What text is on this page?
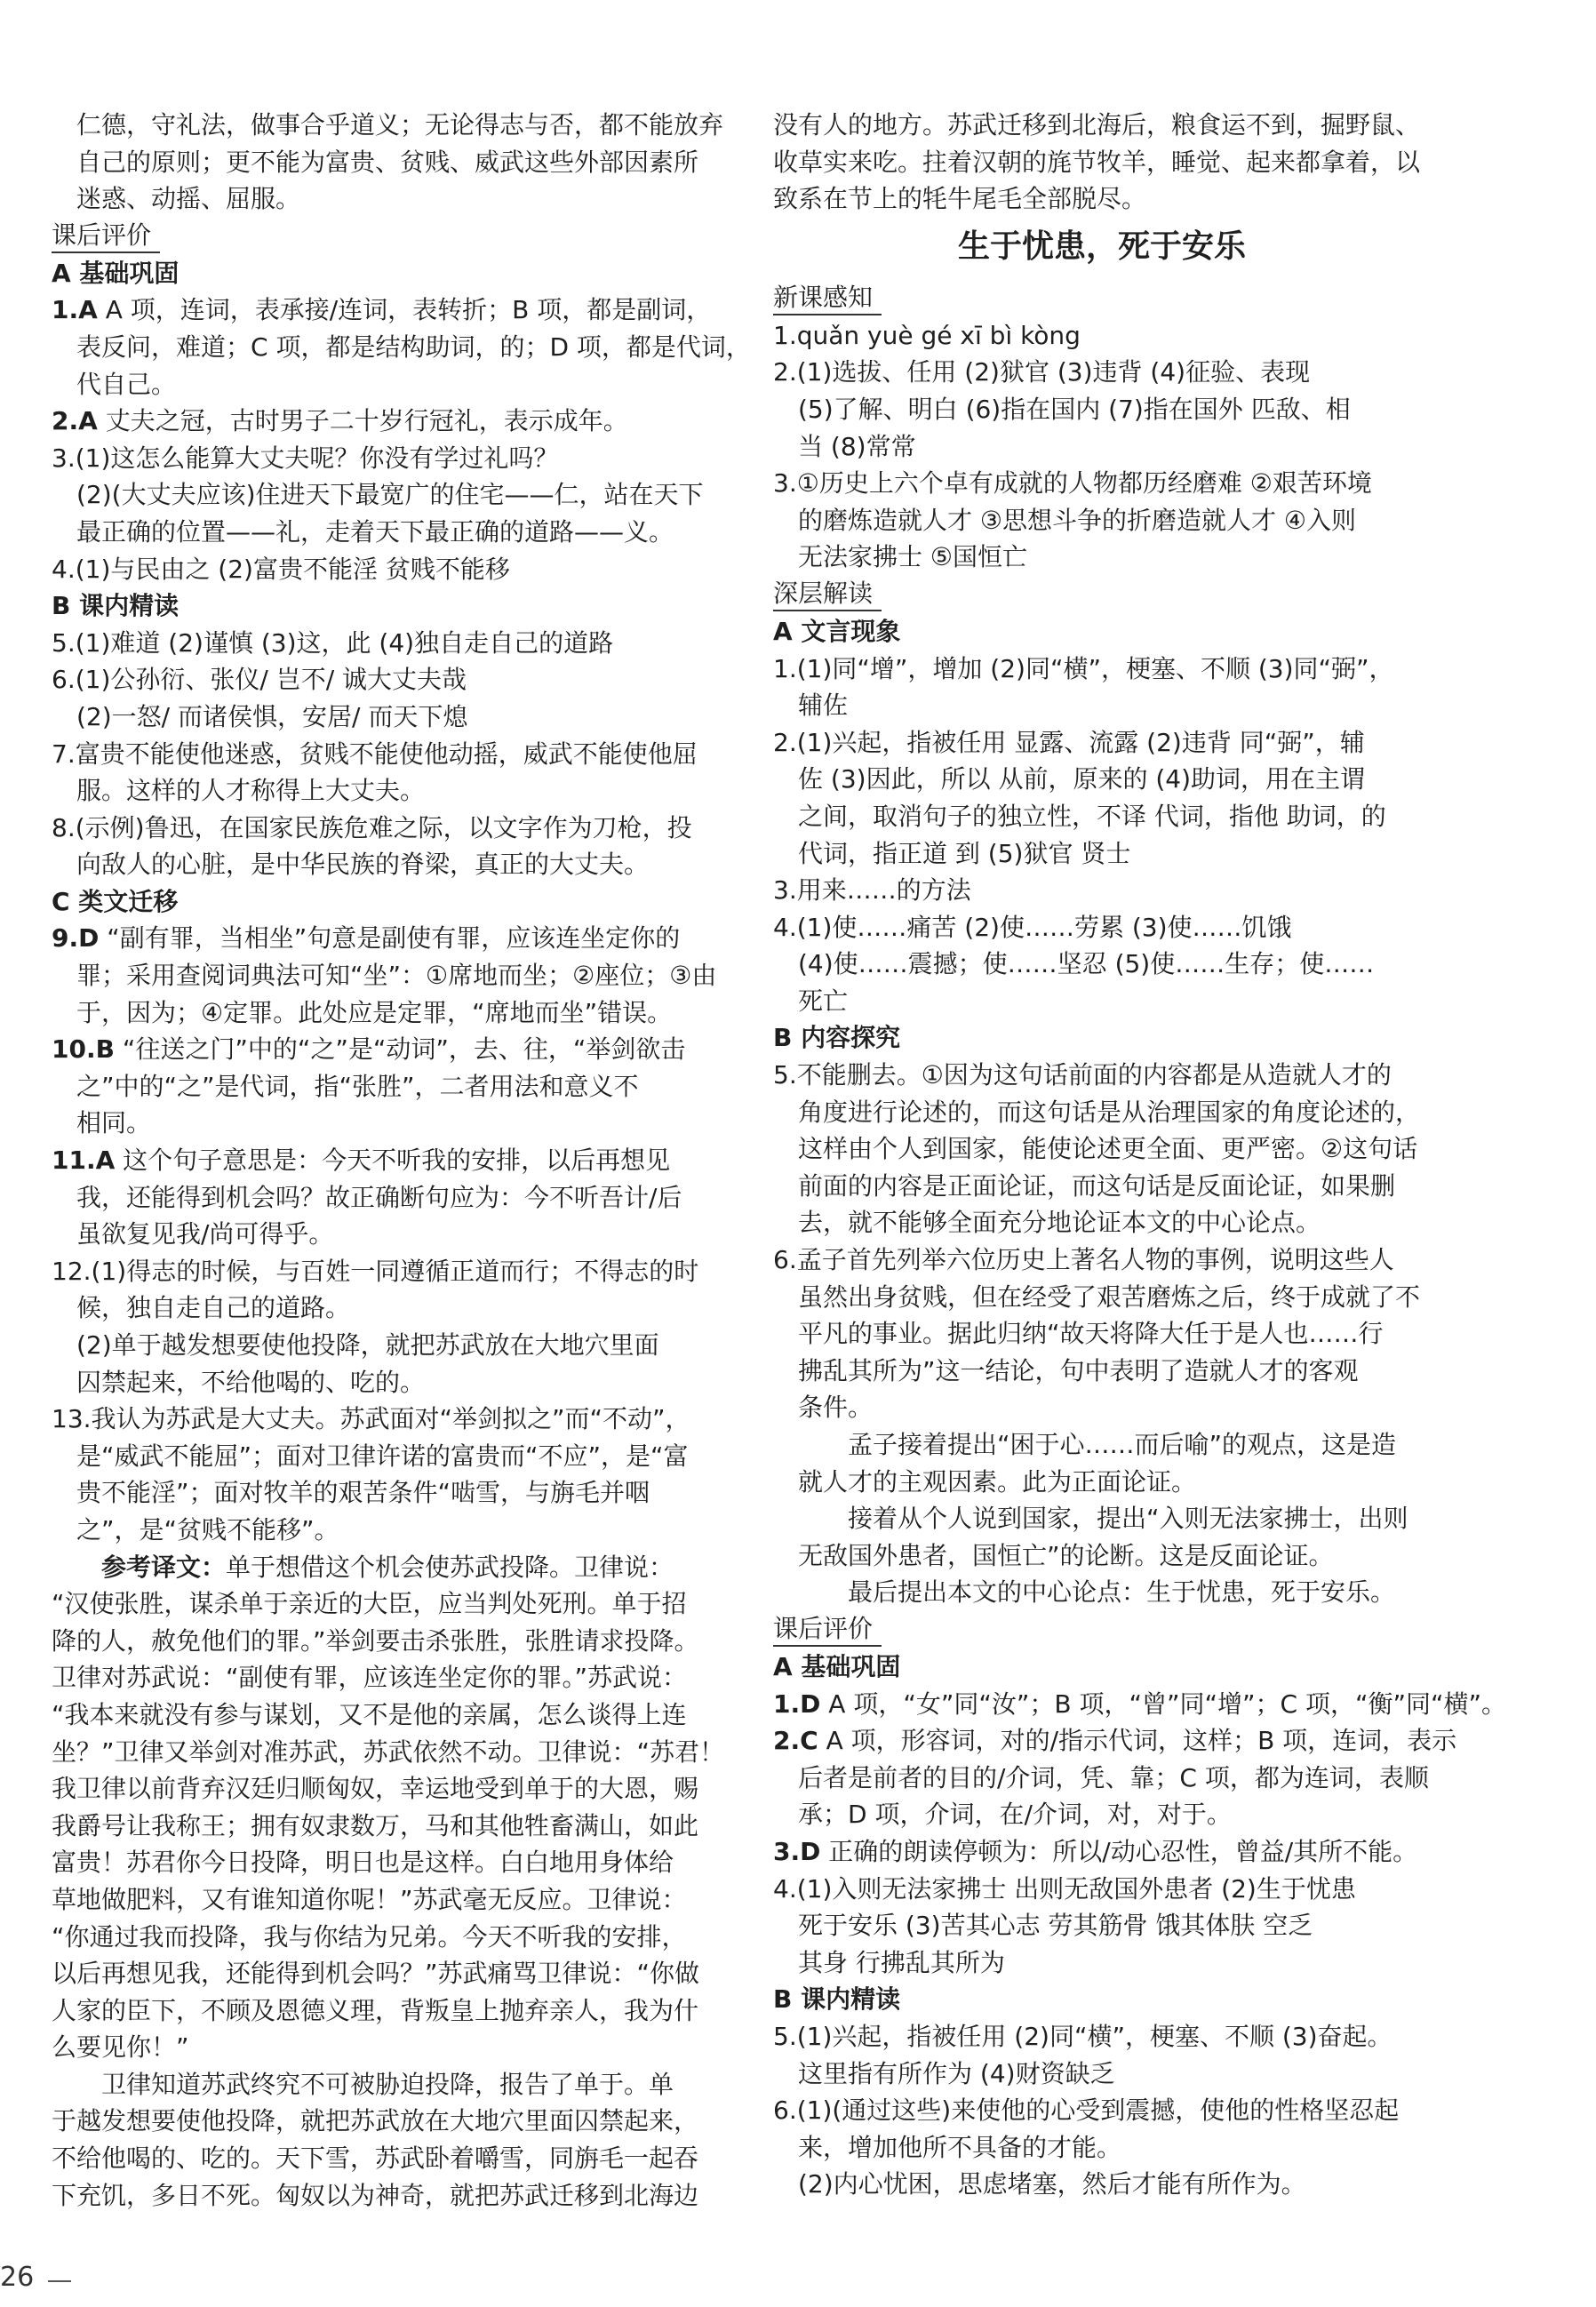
仁德，守礼法，做事合乎道义；无论得志与否，都不能放弃

自己的原则；更不能为富贵、贫贱、威武这些外部因素所

迷惑、动摇、屈服。

课后评价

A 基础巩固

1.A A 项，连词，表承接/连词，表转折；B 项，都是副词，

表反问，难道；C 项，都是结构助词，的；D 项，都是代词，

代自己。

2.A 丈夫之冠，古时男子二十岁行冠礼，表示成年。

3.(1)这怎么能算大丈夫呢？你没有学过礼吗？

(2)(大丈夫应该)住进天下最宽广的住宅——仁，站在天下

最正确的位置——礼，走着天下最正确的道路——义。

4.(1)与民由之 (2)富贵不能淫 贫贱不能移

B 课内精读

5.(1)难道 (2)谨慎 (3)这，此 (4)独自走自己的道路

6.(1)公孙衍、张仪/ 岂不/ 诚大丈夫哉

(2)一怒/ 而诸侯惧，安居/ 而天下熄

7.富贵不能使他迷惑，贫贱不能使他动摇，威武不能使他屈

服。这样的人才称得上大丈夫。

8.(示例)鲁迅，在国家民族危难之际，以文字作为刀枪，投

向敌人的心脏，是中华民族的脊梁，真正的大丈夫。

C 类文迁移

9.D “副有罪，当相坐”句意是副使有罪，应该连坐定你的

罪；采用查阅词典法可知“坐”：①席地而坐；②座位；③由

于，因为；④定罪。此处应是定罪，“席地而坐”错误。

10.B “往送之门”中的“之”是“动词”，去、往，“举剑欲击

之”中的“之”是代词，指“张胜”，二者用法和意义不

相同。

11.A 这个句子意思是：今天不听我的安排，以后再想见

我，还能得到机会吗？故正确断句应为：今不听吾计/后

虽欲复见我/尚可得乎。

12.(1)得志的时候，与百姓一同遵循正道而行；不得志的时

候，独自走自己的道路。

(2)单于越发想要使他投降，就把苏武放在大地穴里面

囚禁起来，不给他喝的、吃的。

13.我认为苏武是大丈夫。苏武面对“举剑拟之”而“不动”，

是“威武不能屈”；面对卫律许诺的富贵而“不应”，是“富

贵不能淫”；面对牧羊的艰苦条件“啮雪，与旃毛并咽

之”，是“贫贱不能移”。

参考译文：单于想借这个机会使苏武投降。卫律说：

“汉使张胜，谋杀单于亲近的大臣，应当判处死刑。单于招

降的人，赦免他们的罪。”举剑要击杀张胜，张胜请求投降。

卫律对苏武说：“副使有罪，应该连坐定你的罪。”苏武说：

“我本来就没有参与谋划，又不是他的亲属，怎么谈得上连

坐？”卫律又举剑对准苏武，苏武依然不动。卫律说：“苏君！

我卫律以前背弃汉廷归顺匈奴，幸运地受到单于的大恩，赐

我爵号让我称王；拥有奴隶数万，马和其他牲畜满山，如此

富贵！苏君你今日投降，明日也是这样。白白地用身体给

草地做肥料，又有谁知道你呢！”苏武毫无反应。卫律说：

“你通过我而投降，我与你结为兄弟。今天不听我的安排，

以后再想见我，还能得到机会吗？”苏武痛骂卫律说：“你做

人家的臣下，不顾及恩德义理，背叛皇上抛弃亲人，我为什

么要见你！”

卫律知道苏武终究不可被胁迫投降，报告了单于。单

于越发想要使他投降，就把苏武放在大地穴里面囚禁起来，

不给他喝的、吃的。天下雪，苏武卧着嚼雪，同旃毛一起吞

下充饥，多日不死。匈奴以为神奇，就把苏武迁移到北海边

没有人的地方。苏武迁移到北海后，粮食运不到，掘野鼠、

收草实来吃。拄着汉朝的旄节牧羊，睡觉、起来都拿着，以

致系在节上的牦牛尾毛全部脱尽。

生于忧患，死于安乐
新课感知

1.quǎn yuè gé xī bì kòng

2.(1)选拔、任用 (2)狱官 (3)违背 (4)征验、表现

(5)了解、明白 (6)指在国内 (7)指在国外 匹敌、相

当 (8)常常

3.①历史上六个卓有成就的人物都历经磨难 ②艰苦环境

的磨炼造就人才 ③思想斗争的折磨造就人才 ④入则

无法家拂士 ⑤国恒亡

深层解读

A 文言现象

1.(1)同“增”，增加 (2)同“横”，梗塞、不顺 (3)同“弼”，

辅佐

2.(1)兴起，指被任用 显露、流露 (2)违背 同“弼”，辅

佐 (3)因此，所以 从前，原来的 (4)助词，用在主谓

之间，取消句子的独立性，不译 代词，指他 助词，的

代词，指正道 到 (5)狱官 贤士

3.用来……的方法

4.(1)使……痛苦 (2)使……劳累 (3)使……饥饿

(4)使……震撼；使……坚忍 (5)使……生存；使……

死亡

B 内容探究

5.不能删去。①因为这句话前面的内容都是从造就人才的

角度进行论述的，而这句话是从治理国家的角度论述的，

这样由个人到国家，能使论述更全面、更严密。②这句话

前面的内容是正面论证，而这句话是反面论证，如果删

去，就不能够全面充分地论证本文的中心论点。

6.孟子首先列举六位历史上著名人物的事例，说明这些人

虽然出身贫贱，但在经受了艰苦磨炼之后，终于成就了不

平凡的事业。据此归纳“故天将降大任于是人也……行

拂乱其所为”这一结论，句中表明了造就人才的客观

条件。

孟子接着提出“困于心……而后喻”的观点，这是造

就人才的主观因素。此为正面论证。

接着从个人说到国家，提出“入则无法家拂士，出则

无敌国外患者，国恒亡”的论断。这是反面论证。

最后提出本文的中心论点：生于忧患，死于安乐。

课后评价

A 基础巩固

1.D A 项，“女”同“汝”；B 项，“曾”同“增”；C 项，“衡”同“横”。

2.C A 项，形容词，对的/指示代词，这样；B 项，连词，表示

后者是前者的目的/介词，凭、靠；C 项，都为连词，表顺

承；D 项，介词，在/介词，对，对于。

3.D 正确的朗读停顿为：所以/动心忍性，曾益/其所不能。

4.(1)入则无法家拂士 出则无敌国外患者 (2)生于忧患

死于安乐 (3)苦其心志 劳其筋骨 饿其体肤 空乏

其身 行拂乱其所为

B 课内精读

5.(1)兴起，指被任用 (2)同“横”，梗塞、不顺 (3)奋起。

这里指有所作为 (4)财资缺乏

6.(1)(通过这些)来使他的心受到震撼，使他的性格坚忍起

来，增加他所不具备的才能。

(2)内心忧困，思虑堵塞，然后才能有所作为。

26
